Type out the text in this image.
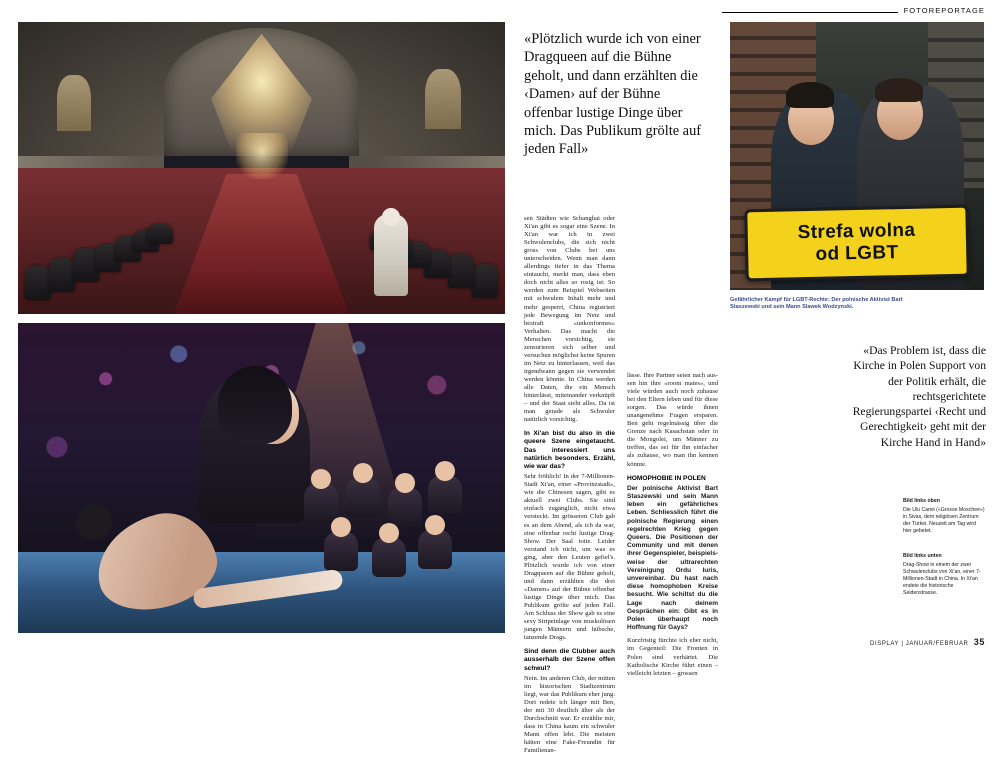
FOTOREPORTAGE
«Plötzlich wurde ich von einer Dragqueen auf die Bühne geholt, und dann erzählten die ‹Damen› auf der Bühne offenbar lustige Dinge über mich. Das Publikum grölte auf jeden Fall»

sen Städten wie Schanghai oder Xi'an gibt es sogar eine Szene. In Xi'an war ich in zwei Schwulenclubs, die sich nicht gross von Clubs bei uns unterscheiden. Wenn man dann allerdings tiefer in das Thema eintaucht, merkt man, dass eben doch nicht alles so rosig ist: So werden zum Beispiel Webseiten mit schwulem Inhalt mehr und mehr gesperrt, China registriert jede Bewegung im Netz und bestraft «unkonformes» Verhalten. Das macht die Menschen vorsichtig, sie zensurieren sich selber und versuchen möglichst keine Spuren im Netz zu hinterlassen, weil das irgendwann gegen sie verwendet werden könnte. In China werden alle Daten, die ein Mensch hinterlässt, miteinander verknüpft – und der Staat sieht alles. Da ist man gerade als Schwuler natürlich vorsichtig.

In Xi'an bist du also in die queere Szene eingetaucht. Das interessiert uns natürlich besonders. Erzähl, wie war das?

Sehr fröhlich! In der 7-Millionen-Stadt Xi'an, einer «Provinzstadt», wie die Chinesen sagen, gibt es aktuell zwei Clubs. Sie sind einfach zugänglich, nicht etwa versteckt. Im grösseren Club gab es an dem Abend, als ich da war, eine offenbar recht lustige Drag-Show. Der Saal totte. Leider verstand ich nicht, um was es ging, aber den Leuten gefiel's. Plötzlich wurde ich von einer Dragqueen auf die Bühne geholt, und dann erzählten die drei «Damen» auf der Bühne offenbar lustige Dinge über mich. Das Publikum grölte auf jeden Fall. Am Schluss der Show gab es eine sexy Stripeinlage von muskulösen jungen Männern und hübsche, tanzende Drags.

Sind denn die Clubber auch ausserhalb der Szene offen schwul?

Nein. Im anderen Club, der mitten im historischen Stadtzentrum liegt, war das Publikum eher jung. Dort redete ich länger mit Ben, der mit 30 deutlich älter als der Durchschnitt war. Er erzählte mir, dass in China kaum ein schwuler Mann offen lebt. Die meisten hätten eine Fake-Freundin für Familienan-

lässe. Ihre Partner seien nach aussen hin ihre «room mates», und viele würden auch noch zuhause bei den Eltern leben und für diese sorgen. Das würde ihnen unangenehme Fragen ersparen. Ben geht regelmässig über die Grenze nach Kasachstan oder in die Mongolei, um Männer zu treffen, das sei für ihn einfacher als zuhause, wo man ihn kennen könnte.

HOMOPHOBIE IN POLEN

Der polnische Aktivist Bart Staszewski und sein Mann leben ein gefährliches Leben. Schliesslich führt die polnische Regierung einen regelrechten Krieg gegen Queers. Die Positionen der Community und mit denen ihrer Gegenspieler, beispielsweise der ultrarechten Vereinigung Ordu Iuris, unvereinbar. Du hast nach diese homophoben Kreise besucht. Wie schiltst du die Lage nach deinem Gesprächen ein: Gibt es in Polen überhaupt noch Hoffnung für Gays?

Kurzfristig fürchte ich eher nicht, im Gegenteil: Die Fronten in Polen sind verhärtet. Die Katholische Kirche führt einen – vielleicht letzten – grossen

Strefa wolna
od LGBT
Gefährlicher Kampf für LGBT-Rechte: Der polnische Aktivist Bart Staszewski und sein Mann Slawek Wodzynski.
«Das Problem ist, dass die Kirche in Polen Support von der Politik erhält, die rechtsgerichtete Regierungspartei ‹Recht und Gerechtigkeit› geht mit der Kirche Hand in Hand»
Bild links oben
Die Ulu Camii («Grosse Moschee») in Sivas, dem religiösen Zentrum der Türkei. Neuzeit am Tag wird hier gebetet.
Bild links unten
Drag-Show in einem der zwei Schwulenclubs von Xi'an, einer 7-Millionen-Stadt in China. In Xi'an endete die historische Seidenstrasse.
DISPLAY | JANUAR/FEBRUAR 35
